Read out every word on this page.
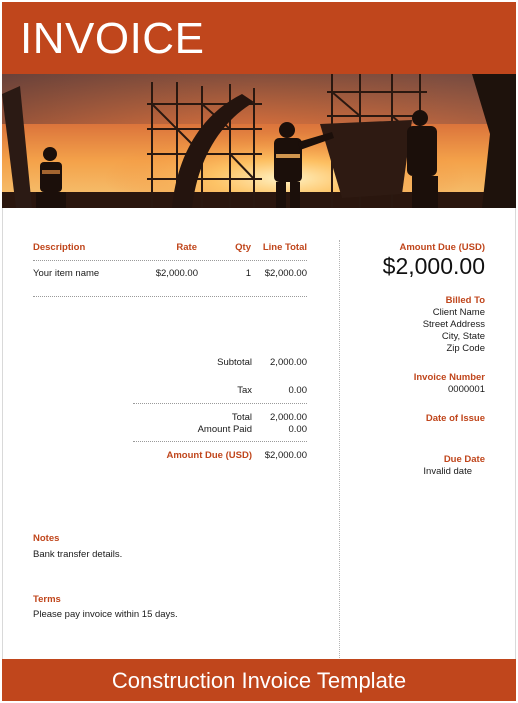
INVOICE
Description	Rate	Qty	Line Total
Your item name	$2,000.00	1	$2,000.00
Subtotal	2,000.00
Tax	0.00
Total	2,000.00
Amount Paid	0.00
Amount Due (USD)	$2,000.00
Notes
Bank transfer details.
Terms
Please pay invoice within 15 days.
Amount Due (USD)
$2,000.00
Billed To
Client Name
Street Address
City, State
Zip Code
Invoice Number
0000001
Date of Issue
Due Date
Invalid date
Construction Invoice Template
